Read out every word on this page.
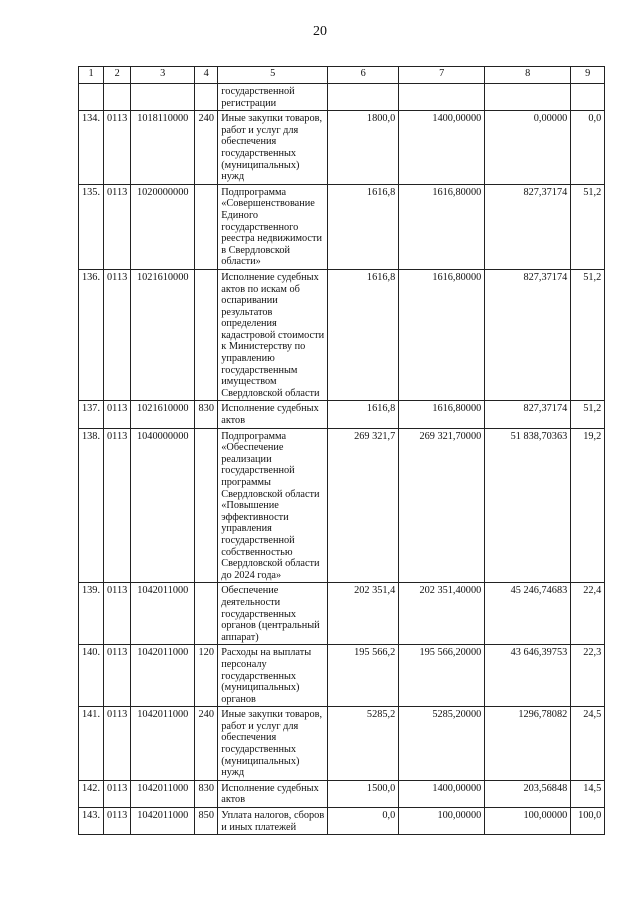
20
1	2	3	4	5	6	7	8	9
				государственной регистрации				
134.	0113	1018110000	240	Иные закупки товаров, работ и услуг для обеспечения государственных (муниципальных) нужд	1800,0	1400,00000	0,00000	0,0
135.	0113	1020000000		Подпрограмма «Совершенствование Единого государственного реестра недвижимости в Свердловской области»	1616,8	1616,80000	827,37174	51,2
136.	0113	1021610000		Исполнение судебных актов по искам об оспаривании результатов определения кадастровой стоимости к Министерству по управлению государственным имуществом Свердловской области	1616,8	1616,80000	827,37174	51,2
137.	0113	1021610000	830	Исполнение судебных актов	1616,8	1616,80000	827,37174	51,2
138.	0113	1040000000		Подпрограмма «Обеспечение реализации государственной программы Свердловской области «Повышение эффективности управления государственной собственностью Свердловской области до 2024 года»	269 321,7	269 321,70000	51 838,70363	19,2
139.	0113	1042011000		Обеспечение деятельности государственных органов (центральный аппарат)	202 351,4	202 351,40000	45 246,74683	22,4
140.	0113	1042011000	120	Расходы на выплаты персоналу государственных (муниципальных) органов	195 566,2	195 566,20000	43 646,39753	22,3
141.	0113	1042011000	240	Иные закупки товаров, работ и услуг для обеспечения государственных (муниципальных) нужд	5285,2	5285,20000	1296,78082	24,5
142.	0113	1042011000	830	Исполнение судебных актов	1500,0	1400,00000	203,56848	14,5
143.	0113	1042011000	850	Уплата налогов, сборов и иных платежей	0,0	100,00000	100,00000	100,0
